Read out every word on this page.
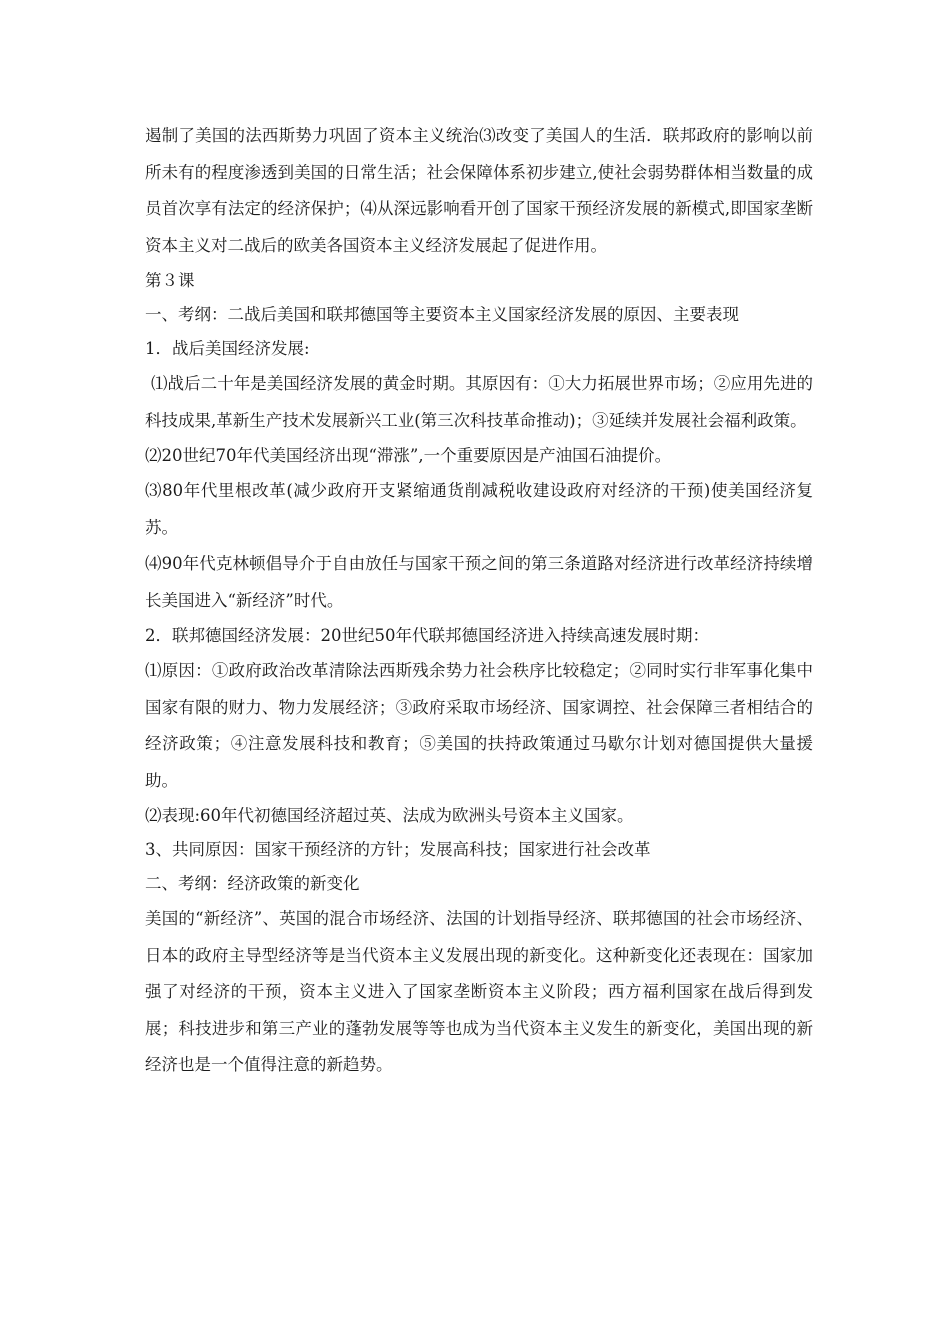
遏制了美国的法西斯势力巩固了资本主义统治⑶改变了美国人的生活．联邦政府的影响以前所未有的程度渗透到美国的日常生活；社会保障体系初步建立,使社会弱势群体相当数量的成员首次享有法定的经济保护；⑷从深远影响看开创了国家干预经济发展的新模式,即国家垄断资本主义对二战后的欧美各国资本主义经济发展起了促进作用。

第３课

一、考纲：二战后美国和联邦德国等主要资本主义国家经济发展的原因、主要表现

1．战后美国经济发展:

⑴战后二十年是美国经济发展的黄金时期。其原因有：①大力拓展世界市场；②应用先进的科技成果,革新生产技术发展新兴工业(第三次科技革命推动)；③延续并发展社会福利政策。

⑵20世纪70年代美国经济出现“滞涨”,一个重要原因是产油国石油提价。

⑶80年代里根改革(减少政府开支紧缩通货削减税收建设政府对经济的干预)使美国经济复苏。

⑷90年代克林顿倡导介于自由放任与国家干预之间的第三条道路对经济进行改革经济持续增长美国进入“新经济”时代。

2．联邦德国经济发展：20世纪50年代联邦德国经济进入持续高速发展时期：

⑴原因：①政府政治改革清除法西斯残余势力社会秩序比较稳定；②同时实行非军事化集中国家有限的财力、物力发展经济；③政府采取市场经济、国家调控、社会保障三者相结合的经济政策；④注意发展科技和教育；⑤美国的扶持政策通过马歇尔计划对德国提供大量援助。

⑵表现:60年代初德国经济超过英、法成为欧洲头号资本主义国家。

3、共同原因：国家干预经济的方针；发展高科技；国家进行社会改革

二、考纲：经济政策的新变化

美国的“新经济”、英国的混合市场经济、法国的计划指导经济、联邦德国的社会市场经济、日本的政府主导型经济等是当代资本主义发展出现的新变化。这种新变化还表现在：国家加强了对经济的干预，资本主义进入了国家垄断资本主义阶段；西方福利国家在战后得到发展；科技进步和第三产业的蓬勃发展等等也成为当代资本主义发生的新变化，美国出现的新经济也是一个值得注意的新趋势。
